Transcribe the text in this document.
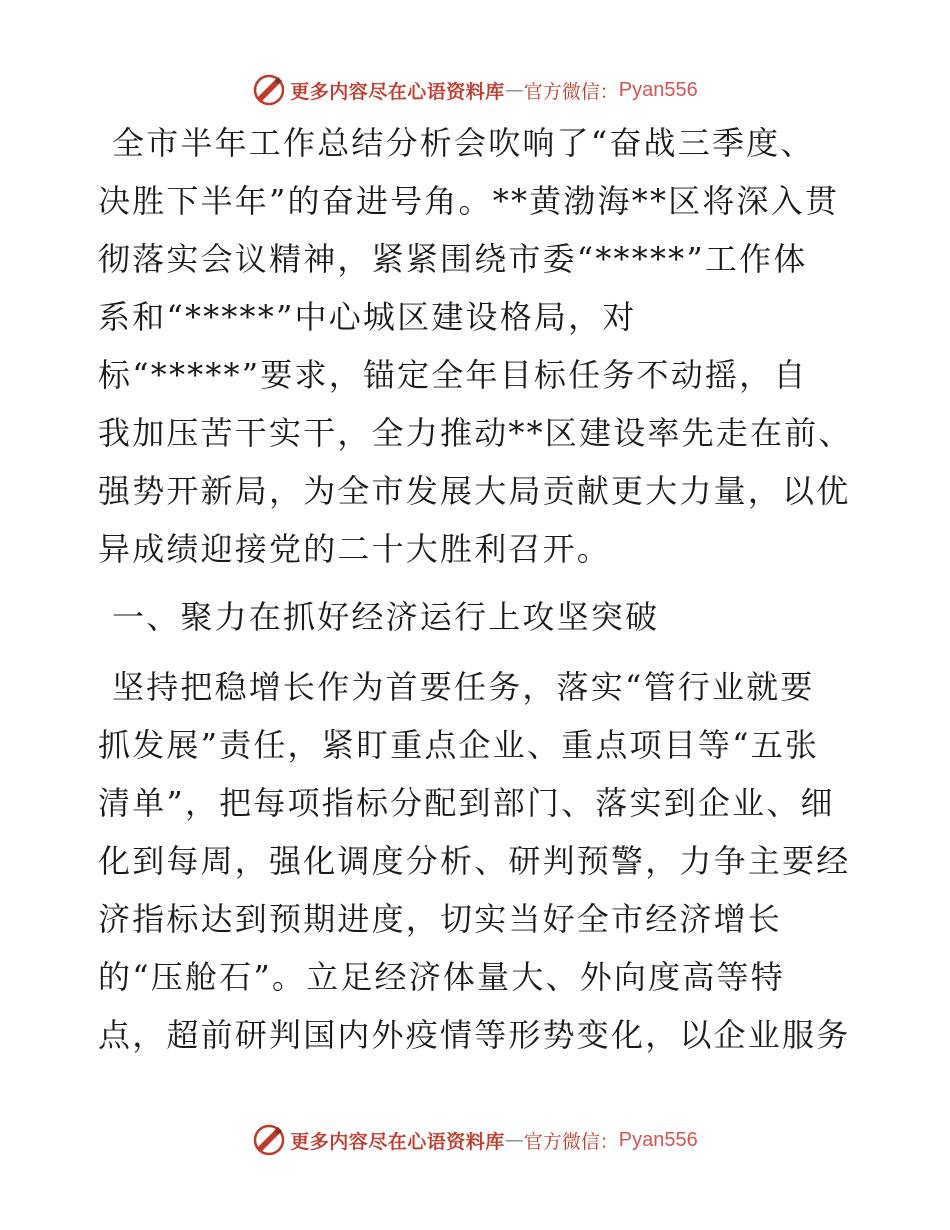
更多内容尽在心语资料库 — 官方微信： Pyan556

全市半年工作总结分析会吹响了“奋战三季度、
决胜下半年”的奋进号角。**黄渤海**区将深入贯
彻落实会议精神，紧紧围绕市委“*****”工作体
系和“*****”中心城区建设格局，对
标“*****”要求，锚定全年目标任务不动摇，自
我加压苦干实干，全力推动**区建设率先走在前、
强势开新局，为全市发展大局贡献更大力量，以优
异成绩迎接党的二十大胜利召开。

一、聚力在抓好经济运行上攻坚突破

坚持把稳增长作为首要任务，落实“管行业就要
抓发展”责任，紧盯重点企业、重点项目等“五张
清单”，把每项指标分配到部门、落实到企业、细
化到每周，强化调度分析、研判预警，力争主要经
济指标达到预期进度，切实当好全市经济增长
的“压舱石”。立足经济体量大、外向度高等特
点，超前研判国内外疫情等形势变化，以企业服务

更多内容尽在心语资料库 — 官方微信： Pyan556
